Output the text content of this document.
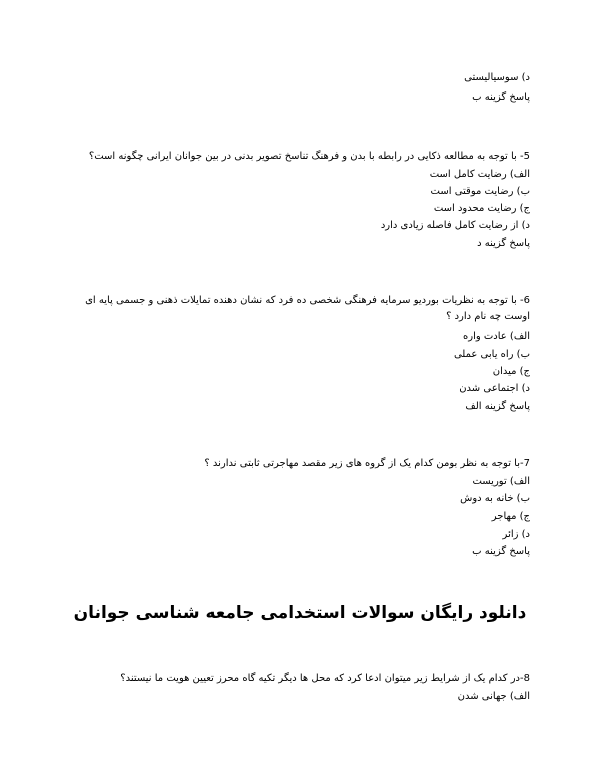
د) سوسیالیستی
پاسخ گزینه ب
5- با توجه به مطالعه ذکایی در رابطه با بدن و فرهنگ تناسخ تصویر بدنی در بین جوانان ایرانی چگونه است؟
الف) رضایت کامل است
ب) رضایت موقتی است
ج) رضایت محدود است
د) از رضایت کامل فاصله زیادی دارد
پاسخ گزینه د
6- با توجه به نظریات بوردیو سرمایه فرهنگی شخصی ده فرد که نشان دهنده تمایلات ذهنی و جسمی پایه ای اوست چه نام دارد ؟
الف) عادت واره
ب) راه یابی عملی
ج) میدان
د) اجتماعی شدن
پاسخ گزینه الف
7-با توجه به نظر بومن کدام یک از گروه های زیر مقصد مهاجرتی ثابتی ندارند ؟
الف) توریست
ب) خانه به دوش
ج) مهاجر
د) زائر
پاسخ گزینه ب
دانلود رایگان سوالات استخدامی جامعه شناسی جوانان
8-در کدام یک از شرایط زیر میتوان ادعا کرد که محل ها دیگر تکیه گاه محرز تعیین هویت ما نیستند؟
الف) جهانی شدن
